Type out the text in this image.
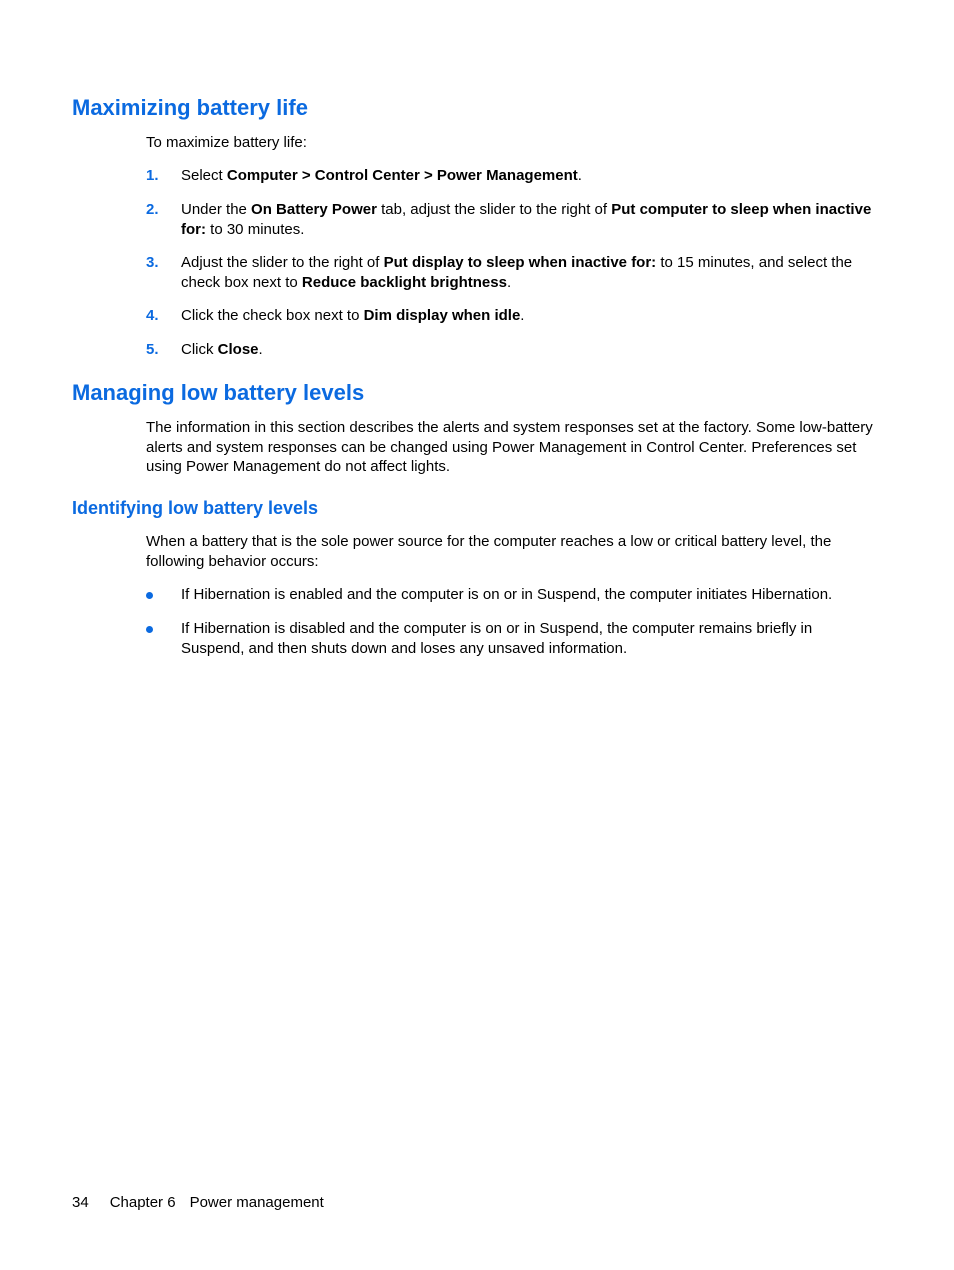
Maximizing battery life

To maximize battery life:

1. Select Computer > Control Center > Power Management.
2. Under the On Battery Power tab, adjust the slider to the right of Put computer to sleep when inactive for: to 30 minutes.
3. Adjust the slider to the right of Put display to sleep when inactive for: to 15 minutes, and select the check box next to Reduce backlight brightness.
4. Click the check box next to Dim display when idle.
5. Click Close.
Managing low battery levels

The information in this section describes the alerts and system responses set at the factory. Some low-battery alerts and system responses can be changed using Power Management in Control Center. Preferences set using Power Management do not affect lights.

Identifying low battery levels

When a battery that is the sole power source for the computer reaches a low or critical battery level, the following behavior occurs:

If Hibernation is enabled and the computer is on or in Suspend, the computer initiates Hibernation.
If Hibernation is disabled and the computer is on or in Suspend, the computer remains briefly in Suspend, and then shuts down and loses any unsaved information.
34 Chapter 6 Power management
